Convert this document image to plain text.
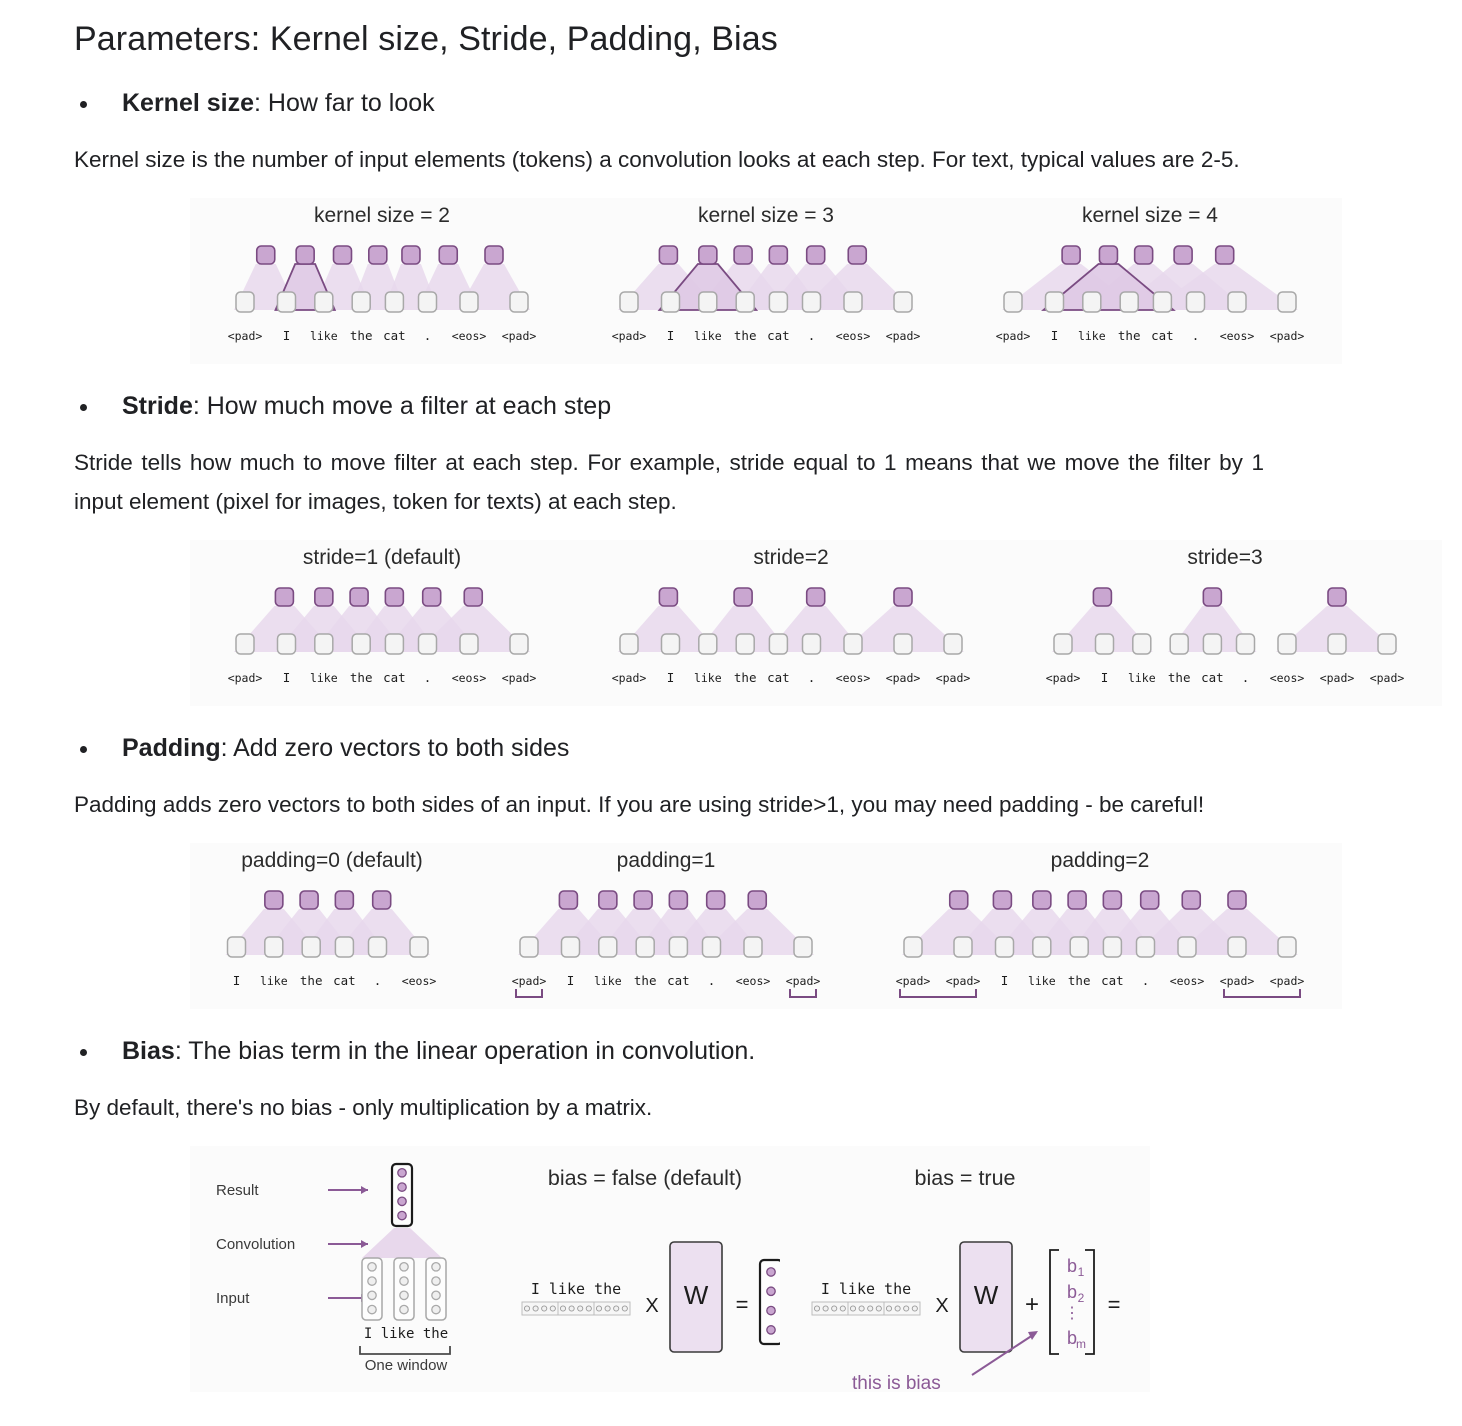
Parameters: Kernel size, Stride, Padding, Bias
Kernel size: How far to look

Kernel size is the number of input elements (tokens) a convolution looks at each step. For text, typical values are 2-5.

kernel size = 2
<pad> I like the cat . <eos> <pad>
kernel size = 3
<pad> I like the cat . <eos> <pad>
kernel size = 4
<pad> I like the cat . <eos> <pad>
Stride: How much move a filter at each step

Stride tells how much to move filter at each step. For example, stride equal to 1 means that we move the filter by 1 input element (pixel for images, token for texts) at each step.

stride=1 (default)
<pad> I like the cat . <eos> <pad>
stride=2
<pad> I like the cat . <eos> <pad> <pad>
stride=3
<pad> I like the cat . <eos> <pad> <pad>
Padding: Add zero vectors to both sides

Padding adds zero vectors to both sides of an input. If you are using stride>1, you may need padding - be careful!

padding=0 (default)
I like the cat . <eos>
padding=1
<pad> I like the cat . <eos> <pad>
padding=2
<pad> <pad> I like the cat . <eos> <pad> <pad>
Bias: The bias term in the linear operation in convolution.

By default, there's no bias - only multiplication by a matrix.

Result
Convolution
Input
I like the
One window
bias = false (default)
I like the
X W =
bias = true
I like the
X W +
b 1
b 2
⋮
b
m
=
this is bias
